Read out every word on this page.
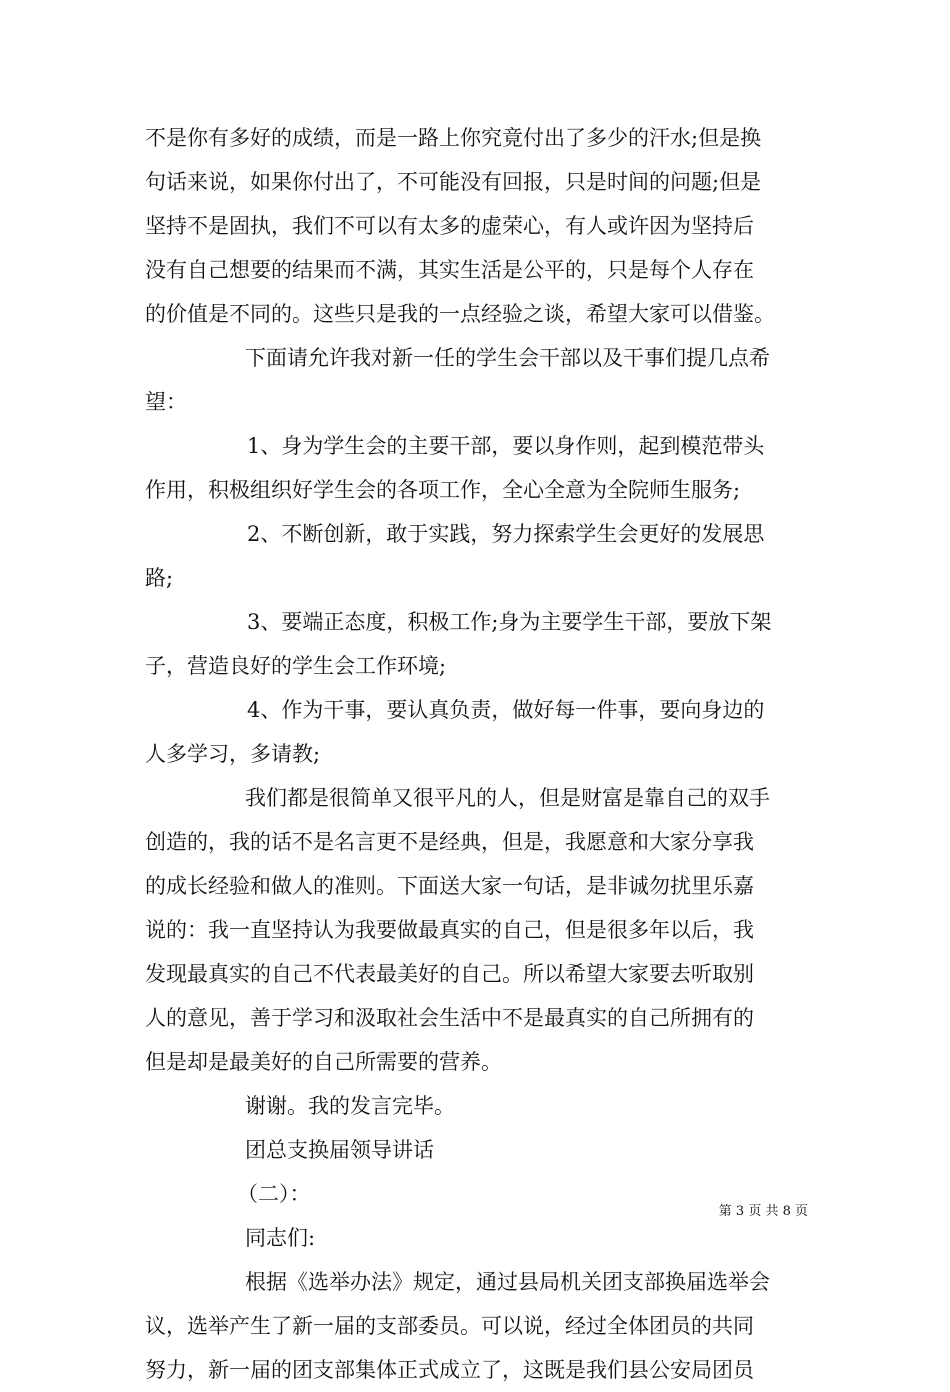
不是你有多好的成绩，而是一路上你究竟付出了多少的汗水;但是换
句话来说，如果你付出了，不可能没有回报，只是时间的问题;但是
坚持不是固执，我们不可以有太多的虚荣心，有人或许因为坚持后
没有自己想要的结果而不满，其实生活是公平的，只是每个人存在
的价值是不同的。这些只是我的一点经验之谈，希望大家可以借鉴。
下面请允许我对新一任的学生会干部以及干事们提几点希
望：
1、身为学生会的主要干部，要以身作则，起到模范带头
作用，积极组织好学生会的各项工作，全心全意为全院师生服务;
2、不断创新，敢于实践，努力探索学生会更好的发展思
路;
3、要端正态度，积极工作;身为主要学生干部，要放下架
子，营造良好的学生会工作环境;
4、作为干事，要认真负责，做好每一件事，要向身边的
人多学习，多请教;
我们都是很简单又很平凡的人，但是财富是靠自己的双手
创造的，我的话不是名言更不是经典，但是，我愿意和大家分享我
的成长经验和做人的准则。下面送大家一句话，是非诚勿扰里乐嘉
说的：我一直坚持认为我要做最真实的自己，但是很多年以后，我
发现最真实的自己不代表最美好的自己。所以希望大家要去听取别
人的意见，善于学习和汲取社会生活中不是最真实的自己所拥有的
但是却是最美好的自己所需要的营养。
谢谢。我的发言完毕。
团总支换届领导讲话
（二）：
同志们:
根据《选举办法》规定，通过县局机关团支部换届选举会
议，选举产生了新一届的支部委员。可以说，经过全体团员的共同
努力，新一届的团支部集体正式成立了，这既是我们县公安局团员
第 3 页 共 8 页
